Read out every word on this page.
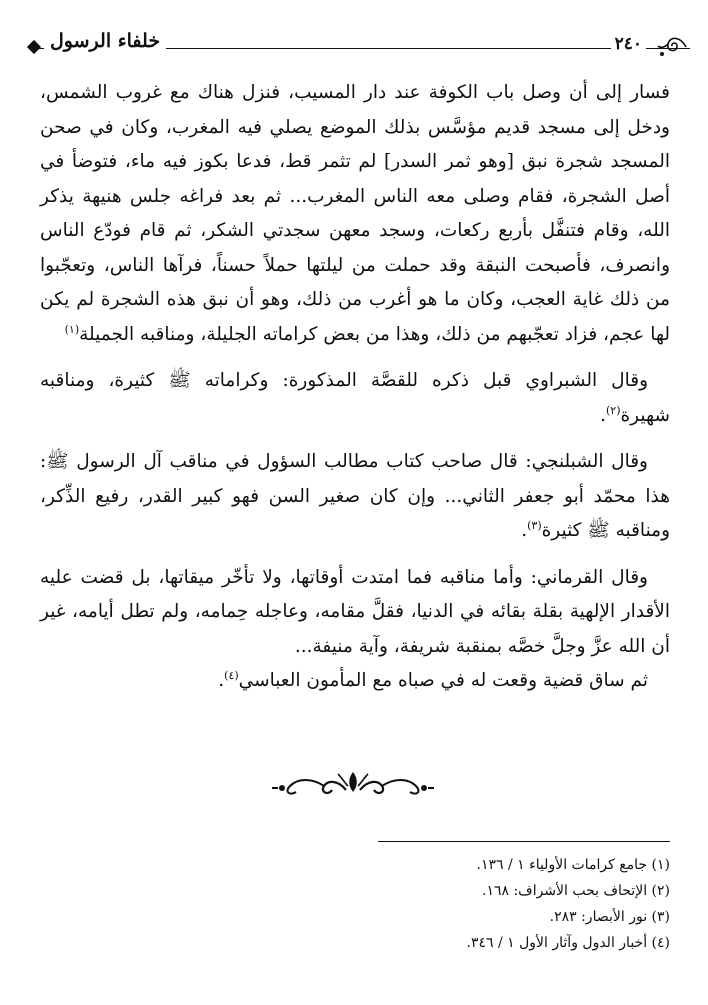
٢٤٠
خلفاء الرسول

فسار إلى أن وصل باب الكوفة عند دار المسيب، فنزل هناك مع غروب الشمس، ودخل إلى مسجد قديم مؤسَّس بذلك الموضع يصلي فيه المغرب، وكان في صحن المسجد شجرة نبق [وهو ثمر السدر] لم تثمر قط، فدعا بكوز فيه ماء، فتوضأ في أصل الشجرة، فقام وصلى معه الناس المغرب... ثم بعد فراغه جلس هنيهة يذكر الله، وقام فتنفَّل بأربع ركعات، وسجد معهن سجدتي الشكر، ثم قام فودّع الناس وانصرف، فأصبحت النبقة وقد حملت من ليلتها حملاً حسناً، فرآها الناس، وتعجّبوا من ذلك غاية العجب، وكان ما هو أغرب من ذلك، وهو أن نبق هذه الشجرة لم يكن لها عجم، فزاد تعجّبهم من ذلك، وهذا من بعض كراماته الجليلة، ومناقبه الجميلة$^{(١)}$

وقال الشبراوي قبل ذكره للقصَّة المذكورة: وكراماته ﷺ كثيرة، ومناقبه شهيرة$^{(٢)}$.

وقال الشبلنجي: قال صاحب كتاب مطالب السؤول في مناقب آل الرسول ﷺ: هذا محمّد أبو جعفر الثاني... وإن كان صغير السن فهو كبير القدر، رفيع الذِّكر، ومناقبه ﷺ كثيرة$^{(٣)}$.

وقال القرماني: وأما مناقبه فما امتدت أوقاتها، ولا تأخّر ميقاتها، بل قضت عليه الأقدار الإلهية بقلة بقائه في الدنيا، فقلَّ مقامه، وعاجله حِمامه، ولم تطل أيامه، غير أن الله عزَّ وجلَّ خصَّه بمنقبة شريفة، وآية منيفة...

ثم ساق قضية وقعت له في صباه مع المأمون العباسي$^{(٤)}$.

(١) جامع كرامات الأولياء ١ / ١٣٦.

(٢) الإتحاف بحب الأشراف: ١٦٨.

(٣) نور الأبصار: ٢٨٣.

(٤) أخبار الدول وآثار الأول ١ / ٣٤٦.
